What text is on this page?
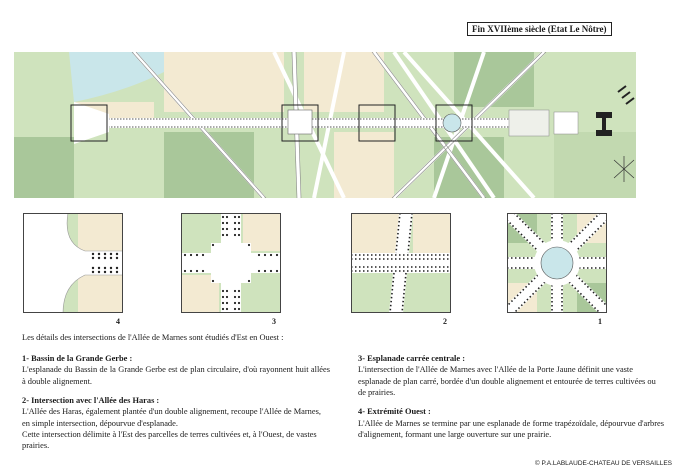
Fin XVIIème siècle (Etat Le Nôtre)
4	3	2	1
Les détails des intersections de l'Allée de Marnes sont étudiés d'Est en Ouest :
1- Bassin de la Grande Gerbe :

L'esplanade du Bassin de la Grande Gerbe est de plan circulaire, d'où rayonnent huit allées à double alignement.

2- Intersection avec l'Allée des Haras :

L'Allée des Haras, également plantée d'un double alignement, recoupe l'Allée de Marnes, en simple intersection, dépourvue d'esplanade.

Cette intersection délimite à l'Est des parcelles de terres cultivées et, à l'Ouest, de vastes prairies.

3- Esplanade carrée centrale :

L'intersection de l'Allée de Marnes avec l'Allée de la Porte Jaune définit une vaste esplanade de plan carré, bordée d'un double alignement et entourée de terres cultivées ou de prairies.

4- Extrémité Ouest :

L'Allée de Marnes se termine par une esplanade de forme trapézoïdale, dépourvue d'arbres d'alignement, formant une large ouverture sur une prairie.

© P.A.LABLAUDE-CHATEAU DE VERSAILLES
